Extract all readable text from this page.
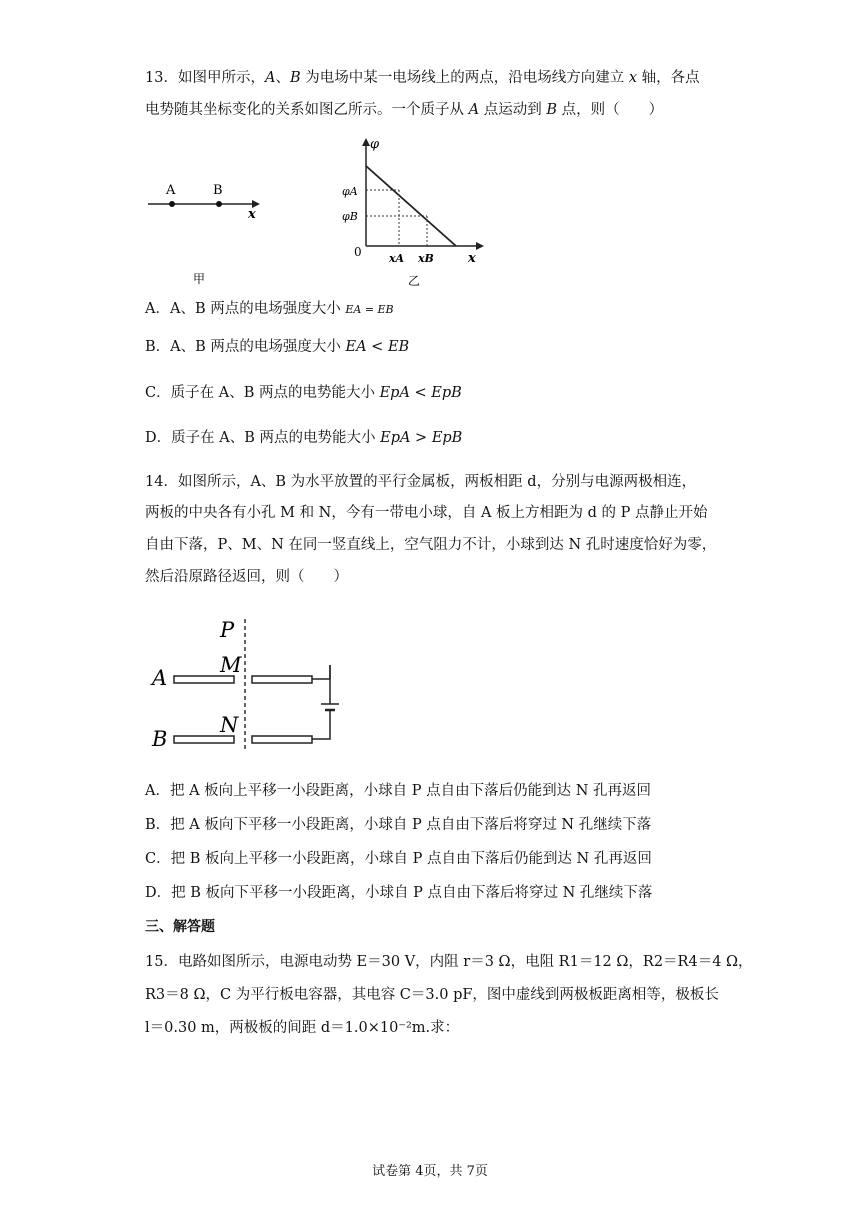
13．如图甲所示，A、B 为电场中某一电场线上的两点，沿电场线方向建立 x 轴，各点
电势随其坐标变化的关系如图乙所示。一个质子从 A 点运动到 B 点，则（　　）
A	B
x
甲
φ
φA
φB
0 xA xB	x
乙
A．A、B 两点的电场强度大小 EA = EB
B．A、B 两点的电场强度大小 EA < EB
C．质子在 A、B 两点的电势能大小 EpA < EpB
D．质子在 A、B 两点的电势能大小 EpA > EpB
14．如图所示，A、B 为水平放置的平行金属板，两板相距 d，分别与电源两极相连，
两板的中央各有小孔 M 和 N，今有一带电小球，自 A 板上方相距为 d 的 P 点静止开始
自由下落，P、M、N 在同一竖直线上，空气阻力不计，小球到达 N 孔时速度恰好为零，
然后沿原路径返回，则（　　）
P
M
N
A
B
A．把 A 板向上平移一小段距离，小球自 P 点自由下落后仍能到达 N 孔再返回
B．把 A 板向下平移一小段距离，小球自 P 点自由下落后将穿过 N 孔继续下落
C．把 B 板向上平移一小段距离，小球自 P 点自由下落后仍能到达 N 孔再返回
D．把 B 板向下平移一小段距离，小球自 P 点自由下落后将穿过 N 孔继续下落
三、解答题
15．电路如图所示，电源电动势 E＝30 V，内阻 r＝3 Ω，电阻 R1＝12 Ω，R2＝R4＝4 Ω，
R3＝8 Ω，C 为平行板电容器，其电容 C＝3.0 pF，图中虚线到两极板距离相等，极板长
l＝0.30 m，两极板的间距 d＝1.0×10⁻²m.求：
试卷第 4页，共 7页
